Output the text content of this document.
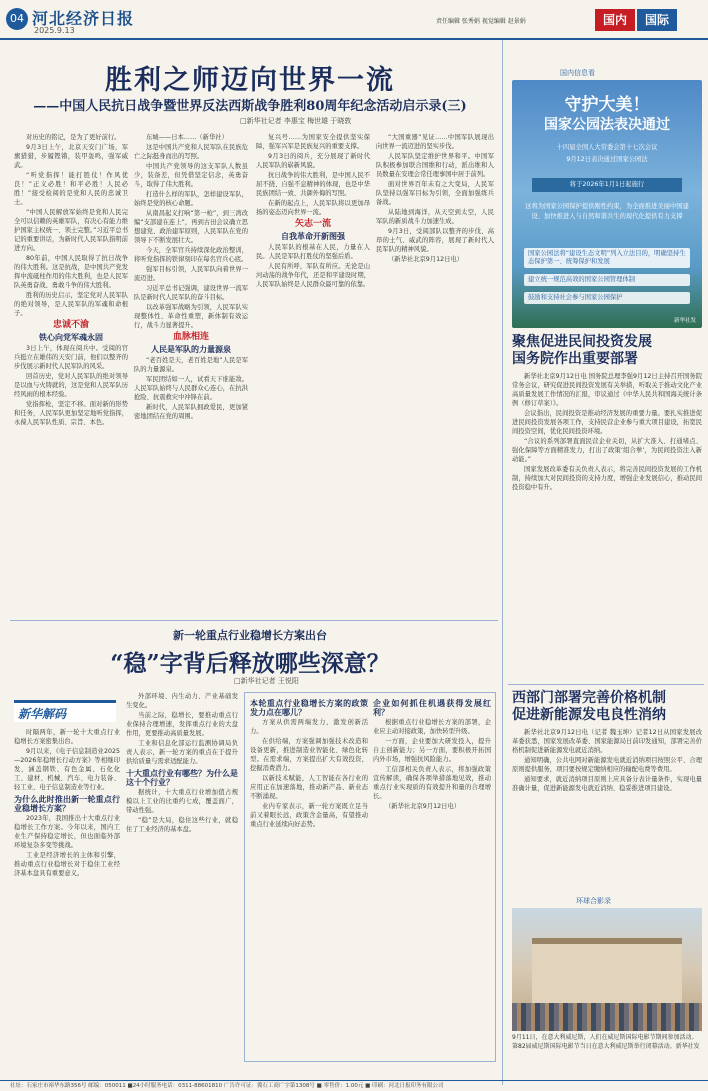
04 河北经济日报
2025.9.13
责任编辑 张秀娟 视觉编辑 赵景娟	国内	国际
胜利之师迈向世界一流
——中国人民抗日战争暨世界反法西斯战争胜利80周年纪念活动启示录(三)
□新华社记者 李惠宝 梅世雄 于晓敦

对历史的铭记，是为了更好前行。

9月3日上午，北京天安门广场，军旗猎猎，步履铿锵，装甲轰鸣，强军威武。

“听党指挥！能打胜仗！作风优良！”正义必胜！和平必胜！人民必胜！”接受检阅的是党和人民的忠诚卫士。

“中国人民解放军始终是党和人民完全可以信赖的英雄军队，有决心有能力维护国家主权统一、领土完整。”习近平总书记的重要讲话，为新时代人民军队指明前进方向。

80年前，中国人民取得了抗日战争的伟大胜利。这是抗战，是中国共产党发挥中流砥柱作用的伟大胜利，也是人民军队英勇奋战、勇敢斗争的伟大胜利。

胜利的历史启示，坚定党对人民军队的绝对领导，是人民军队的军魂和命根子。

忠诚不渝
铁心向党军魂永固

3日上午，体现在阅兵中。受阅的官兵挺立在雄伟的天安门前，他们以整齐的步伐展示新时代人民军队的风采。

回首历史，党对人民军队的绝对领导是以血与火铸就的，这是党和人民军队历经风雨的根本经验。

党指挥枪，坚定不移。面对新的形势和任务，人民军队更加坚定地听党指挥，永葆人民军队性质、宗旨、本色。

东城——日本……（新华社）

这是中国共产党和人民军队在民族危亡之际挺身而出的写照。

中国共产党领导的这支军队人数虽少，装备差，但凭借坚定信念，英勇奋斗，取得了伟大胜利。

打造什么样的军队，怎样建设军队，始终是党的核心命题。

从南昌起义打响“第一枪”，到三湾改编“支部建在连上”，再到古田会议确立思想建党、政治建军原则，人民军队在党的领导下不断发展壮大。

今天，全军官兵持续深化政治整训，将听党指挥的铁律刻印在每名官兵心底。

强军目标引领，人民军队向着世界一流迈进。

习近平总书记强调，建设世界一流军队是新时代人民军队的奋斗目标。

以改革强军战略为引领，人民军队实现整体性、革命性重塑，新体制有效运行，战斗力显著提升。

血脉相连
人民是军队的力量源泉

“老百姓是天，老百姓是地”人民是军队的力量源泉。

军民团结如一人，试看天下谁能敌。人民军队始终与人民群众心连心，在抗洪抢险、抗震救灾中冲锋在前。

新时代，人民军队拥政爱民，更加紧密地团结在党的周围。

复兴号……为国家安全提供坚实保障，强军兴军是民族复兴的重要支撑。

9月3日的阅兵，充分展现了新时代人民军队的崭新风貌。

抗日战争的伟大胜利，是中国人民不屈不挠、自强不息精神的体现，也是中华民族团结一致、共御外侮的写照。

在新的起点上，人民军队将以更加昂扬的姿态迈向世界一流。

矢志一流
自我革命开新图强

人民军队的根基在人民，力量在人民。人民是军队打胜仗的坚强后盾。

人民有所呼，军队有所应。无论是山河动荡的战争年代，还是和平建设时期，人民军队始终是人民群众最可靠的依靠。

“大国重器”见证……中国军队展现出向世界一流迈进的坚实步伐。

人民军队坚定维护世界和平。中国军队积极参加联合国维和行动，派出维和人员数量在安理会常任理事国中居于前列。

面对世界百年未有之大变局，人民军队坚持以强军目标为引领，全面加强练兵备战。

从陆地到海洋，从天空到太空，人民军队的新质战斗力加速生成。

9月3日，受阅部队以整齐的步伐、高昂的士气、威武的阵容，展现了新时代人民军队的精神风貌。

（新华社北京9月12日电）

新一轮重点行业稳增长方案出台
“稳”字背后释放哪些深意？
□新华社记者 王悦阳
新华解码

时隔两年，新一轮十大重点行业稳增长方案密集出台。

9月以来，《电子信息制造业2025—2026年稳增长行动方案》等相继印发，涵盖钢铁、有色金属、石化化工、建材、机械、汽车、电力装备、轻工业、电子信息制造业等行业。

为什么此时推出新一轮重点行业稳增长方案？

2023年，我国推出十大重点行业稳增长工作方案。今年以来，国内工业生产保持稳定增长，但也面临外部环境复杂多变等挑战。

工业是经济增长的主体和引擎，推动重点行业稳增长对于稳住工业经济基本盘具有重要意义。

外部环境、内生动力、产业基础发生变化。

当前之际，稳增长，要推动重点行业保持合理增速，发挥重点行业的大盘作用，更要推动高质量发展。

工业和信息化部运行监测协调局负责人表示，新一轮方案的重点在于提升供给质量与需求适配能力。

十大重点行业有哪些？为什么是这十个行业？

据统计，十大重点行业增加值占规模以上工业的比重约七成，覆盖面广，带动性强。

“稳”是大局，稳住这些行业，就稳住了工业经济的基本盘。

本轮重点行业稳增长方案的政策发力点在哪儿？

方案从供需两端发力，激发创新活力。

在供给端，方案强调加强技术改造和设备更新，推进制造业智能化、绿色化转型。在需求端，方案提出扩大有效投资，挖掘消费潜力。

以新技术赋能，人工智能在各行业的应用正在加速落地，推动新产品、新业态不断涌现。

业内专家表示，新一轮方案既立足当前又着眼长远，政策含金量高，有望推动重点行业延续向好态势。

企业如何抓住机遇获得发展红利？

根据重点行业稳增长方案的部署，企业应主动对接政策，加快转型升级。

一方面，企业要加大研发投入，提升自主创新能力；另一方面，要积极开拓国内外市场，增强抗风险能力。

工信部相关负责人表示，将加强政策宣传解读，确保各项举措落地见效，推动重点行业实现质的有效提升和量的合理增长。

（新华社北京9月12日电）

国内信息看
守护大美！
国家公园法表决通过
十四届全国人大常委会第十七次会议
9月12日表决通过国家公园法
将于2026年1月1日起施行
这将为国家公园保护提供刚性约束，为全面推进美丽中国建设、加快推进人与自然和谐共生的现代化提供有力支撑
国家公园法将“建设生态文明”列入立法目的，明确坚持生态保护第一、统筹保护和发展
建立统一规范高效的国家公园管理体制
鼓励和支持社会参与国家公园保护
新华社发
聚焦促进民间投资发展
国务院作出重要部署

新华社北京9月12日电 国务院总理李强9月12日主持召开国务院常务会议，研究促进民间投资发展有关举措，听取关于推动文化产业高质量发展工作情况的汇报，审议通过《中华人民共和国海关统计条例（修订草案）》。

会议指出，民间投资是推动经济发展的重要力量。要扎实推进促进民间投资发展各项工作，支持民营企业参与重大项目建设，拓宽民间投资空间，优化民间投资环境。

“合议的系列部署直面民营企业关切，从扩大准入、打通堵点、强化保障等方面精准发力，打出了政策‘组合拳’，为民间投资注入新动能。”

国家发展改革委有关负责人表示，将完善民间投资发展的工作机制，持续加大对民间投资的支持力度，增强企业发展信心，推动民间投资稳中有升。

西部门部署完善价格机制
促进新能源发电良性消纳

新华社北京9月12日电（记者 魏玉坤）记者12日从国家发展改革委获悉，国家发展改革委、国家能源局日前印发通知，部署完善价格机制促进新能源发电就近消纳。

通知明确，公共电网对新能源发电就近消纳项目按照公平、合理原则提供服务，项目要按规定缴纳相应的输配电费等费用。

通知要求，就近消纳项目原则上应具备分表计量条件，实现电量准确计量，促进新能源发电就近消纳、稳妥推进项目建设。

环球合影录
9月11日，在意大利威尼斯，人们在威尼斯国际电影节期间参加活动。第82届威尼斯国际电影节当日在意大利威尼斯举行闭幕活动。新华社发
社址：石家庄市裕华东路356号 邮编：050011 ■24小时服务电话：0311-88601810 广告许可证：冀石工商广字第1308号 ■ 零售价：1.00元 ■ 印刷：河北日报印务有限公司
